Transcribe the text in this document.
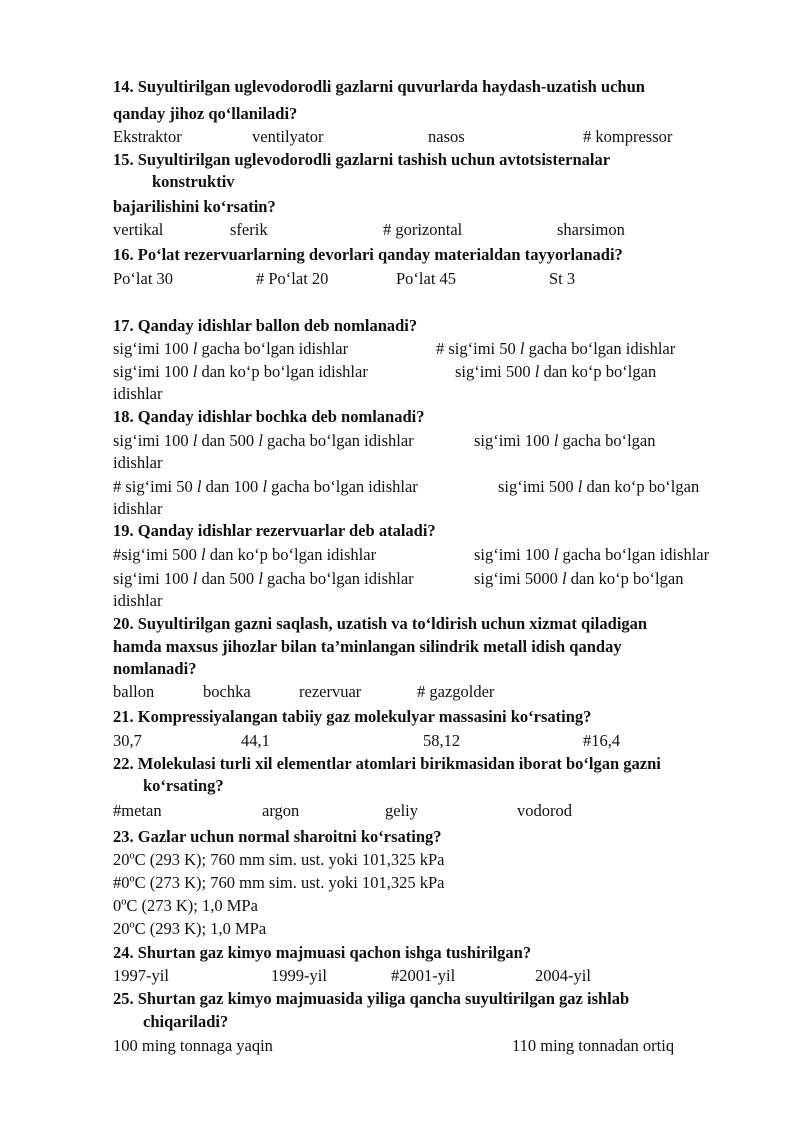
14. Suyultirilgan uglevodorodli gazlarni quvurlarda haydash-uzatish uchun
qanday jihoz qo‘llaniladi?
Ekstraktor	ventilyator	nasos	# kompressor
15. Suyultirilgan uglevodorodli gazlarni tashish uchun avtotsisternalar
konstruktiv
bajarilishini ko‘rsatin?
vertikal	sferik	# gorizontal	sharsimon
16. Po‘lat rezervuarlarning devorlari qanday materialdan tayyorlanadi?
Po‘lat 30	# Po‘lat 20	Po‘lat 45	St 3
17. Qanday idishlar ballon deb nomlanadi?
sig‘imi 100 l gacha bo‘lgan idishlar	# sig‘imi 50 l gacha bo‘lgan idishlar
sig‘imi 100 l dan ko‘p bo‘lgan idishlar	sig‘imi 500 l dan ko‘p bo‘lgan
idishlar
18. Qanday idishlar bochka deb nomlanadi?
sig‘imi 100 l dan 500 l gacha bo‘lgan idishlar	sig‘imi 100 l gacha bo‘lgan
idishlar
# sig‘imi 50 l dan 100 l gacha bo‘lgan idishlar	sig‘imi 500 l dan ko‘p bo‘lgan
idishlar
19. Qanday idishlar rezervuarlar deb ataladi?
#sig‘imi 500 l dan ko‘p bo‘lgan idishlar	sig‘imi 100 l gacha bo‘lgan idishlar
sig‘imi 100 l dan 500 l gacha bo‘lgan idishlar	sig‘imi 5000 l dan ko‘p bo‘lgan
idishlar
20. Suyultirilgan gazni saqlash, uzatish va to‘ldirish uchun xizmat qiladigan
hamda maxsus jihozlar bilan ta’minlangan silindrik metall idish qanday
nomlanadi?
ballon	bochka	rezervuar	# gazgolder
21. Kompressiyalangan tabiiy gaz molekulyar massasini ko‘rsating?
30,7	44,1	58,12	#16,4
22. Molekulasi turli xil elementlar atomlari birikmasidan iborat bo‘lgan gazni
ko‘rsating?
#metan	argon	geliy	vodorod
23. Gazlar uchun normal sharoitni ko‘rsating?
20ºC (293 K); 760 mm sim. ust. yoki 101,325 kPa
#0ºC (273 K); 760 mm sim. ust. yoki 101,325 kPa
0ºC (273 K); 1,0 MPa
20ºC (293 K); 1,0 MPa
24. Shurtan gaz kimyo majmuasi qachon ishga tushirilgan?
1997-yil	1999-yil	#2001-yil	2004-yil
25. Shurtan gaz kimyo majmuasida yiliga qancha suyultirilgan gaz ishlab
chiqariladi?
100 ming tonnaga yaqin	110 ming tonnadan ortiq
